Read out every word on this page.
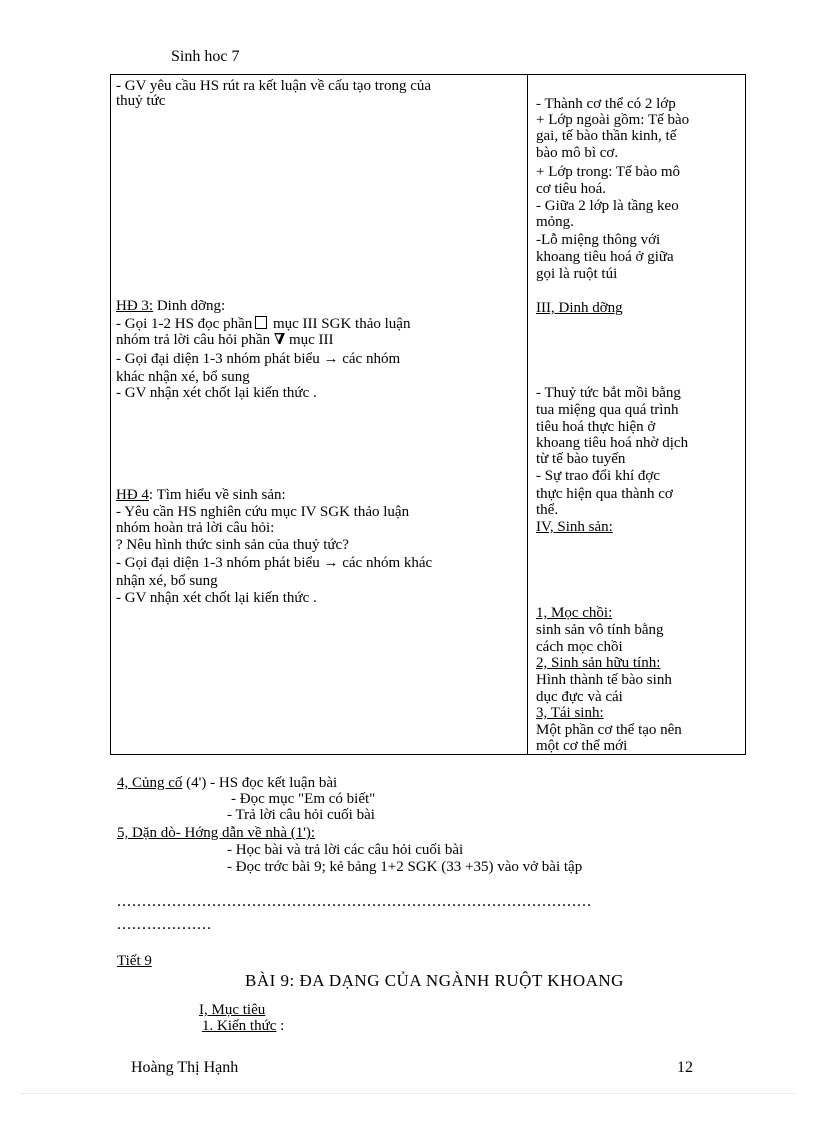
Sinh hoc 7
- GV yêu cầu HS rút ra kết luận về cấu tạo trong của
thuỷ tức
HĐ 3: Dinh dỡng:
- Gọi 1-2 HS đọc phần mục III SGK thảo luận
nhóm trả lời câu hỏi phần ∇ mục III
- Gọi đại diện 1-3 nhóm phát biểu → các nhóm
khác nhận xé, bổ sung
- GV nhận xét chốt lại kiến thức .
HĐ 4: Tìm hiểu về sinh sản:
- Yêu cần HS nghiên cứu mục IV SGK thảo luận
nhóm hoàn trả lời câu hỏi:
? Nêu hình thức sinh sản của thuỷ tức?
- Gọi đại diện 1-3 nhóm phát biểu → các nhóm khác
nhận xé, bổ sung
- GV nhận xét chốt lại kiến thức .
- Thành cơ thể có 2 lớp
+ Lớp ngoài gồm: Tế bào
gai, tế bào thần kinh, tế
bào mô bì cơ.
+ Lớp trong: Tế bào mô
cơ tiêu hoá.
- Giữa 2 lớp là tầng keo
mỏng.
-Lỗ miệng thông với
khoang tiêu hoá ở giữa
gọi là ruột túi
III, Dinh dỡng
- Thuỷ tức bắt mồi bằng
tua miệng qua quá trình
tiêu hoá thực hiện ở
khoang tiêu hoá nhờ dịch
từ tế bào tuyến
- Sự trao đổi khí đợc
thực hiện qua thành cơ
thể.
IV, Sinh sản:
1, Mọc chồi:
sinh sản vô tính bằng
cách mọc chồi
2, Sinh sản hữu tính:
Hình thành tế bào sinh
dục đực và cái
3, Tái sinh:
Một phần cơ thể tạo nên
một cơ thể mới
4, Củng cố (4') - HS đọc kết luận bài
- Đọc mục "Em có biết"
- Trả lời câu hỏi cuối bài
5, Dặn dò- Hớng dẫn về nhà (1'):
- Học bài và trả lời các câu hỏi cuối bài
- Đọc trớc bài 9; kẻ bảng 1+2 SGK (33 +35) vào vở bài tập
...............................................................................................
...................
Tiết 9
BÀI 9: ĐA DẠNG CỦA NGÀNH RUỘT KHOANG
I, Mục tiêu
1. Kiến thức :
Hoàng Thị Hạnh	12
